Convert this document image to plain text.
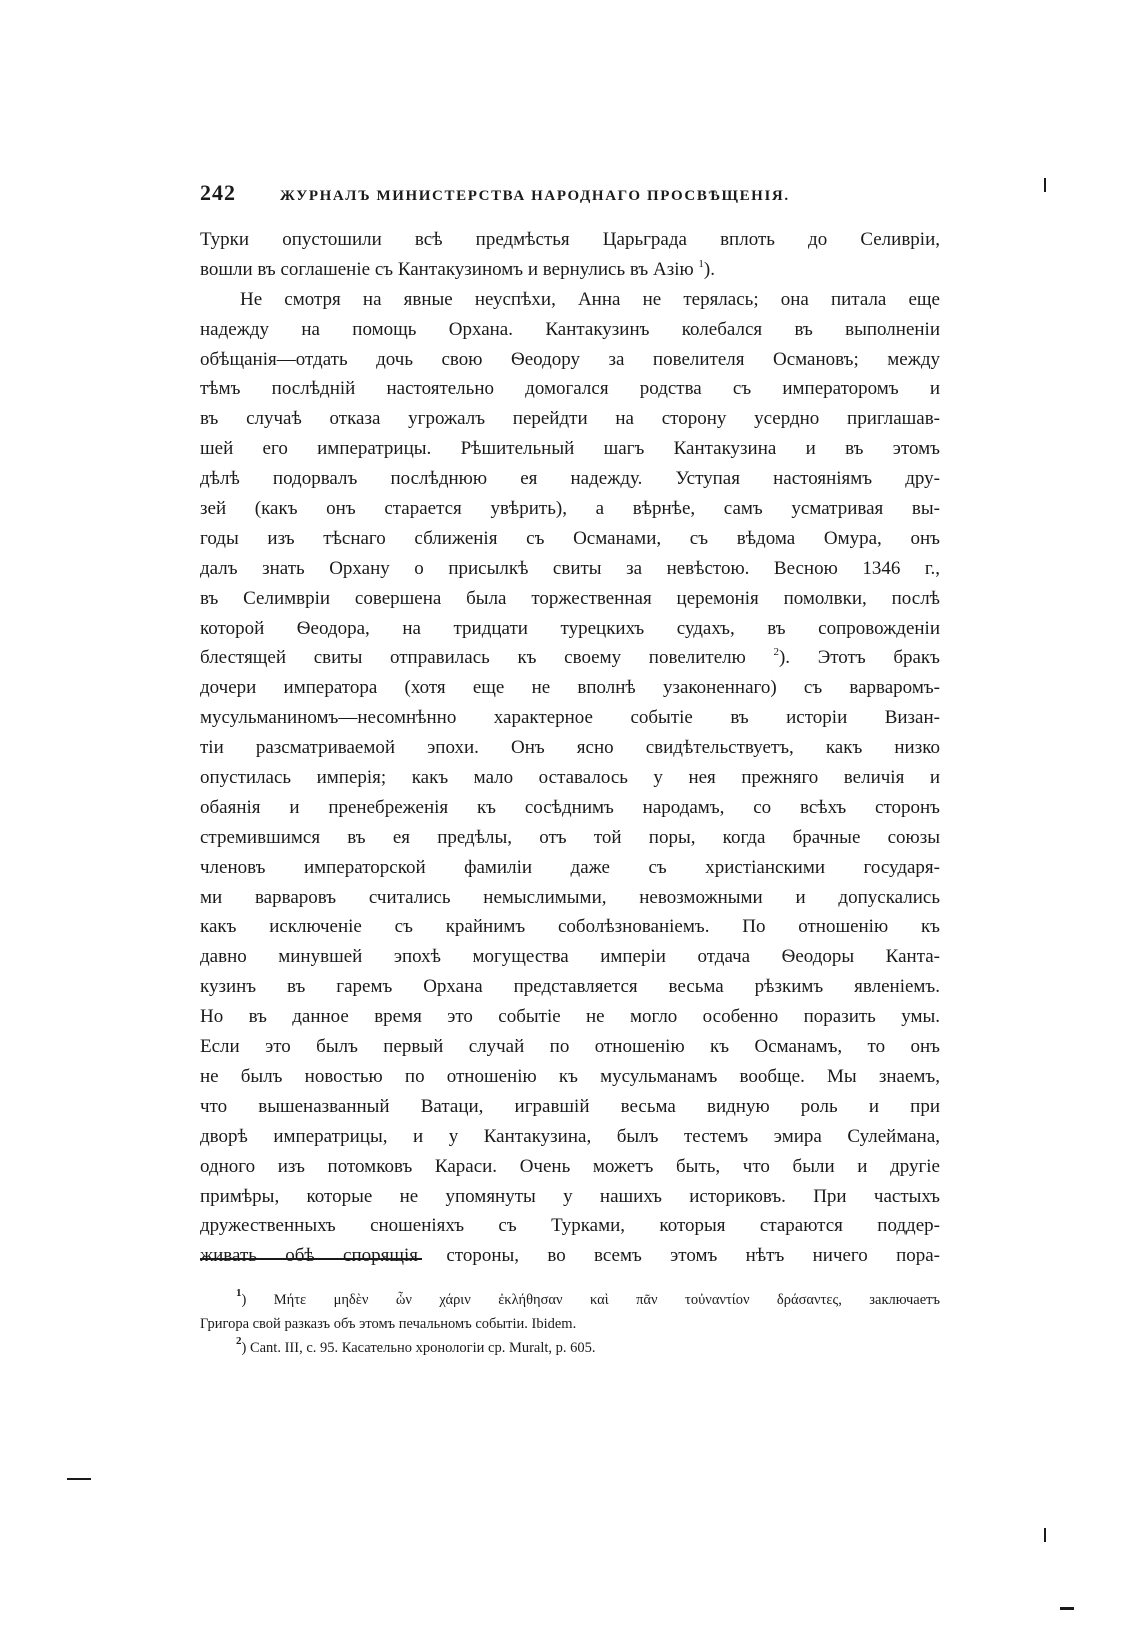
242	ЖУРНАЛЪ МИНИСТЕРСТВА НАРОДНАГО ПРОСВѢЩЕНІЯ.
Турки опустошили всѣ предмѣстья Царьграда вплоть до Селивріи,
вошли въ соглашеніе съ Кантакузиномъ и вернулись въ Азію $^1$).
Не смотря на явные неуспѣхи, Анна не терялась; она питала еще
надежду на помощь Орхана. Кантакузинъ колебался въ выполненіи
обѣщанія—отдать дочь свою Ѳеодору за повелителя Османовъ; между
тѣмъ послѣдній настоятельно домогался родства съ императоромъ и
въ случаѣ отказа угрожалъ перейдти на сторону усердно приглашав-
шей его императрицы. Рѣшительный шагъ Кантакузина и въ этомъ
дѣлѣ подорвалъ послѣднюю ея надежду. Уступая настояніямъ дру-
зей (какъ онъ старается увѣрить), а вѣрнѣе, самъ усматривая вы-
годы изъ тѣснаго сближенія съ Османами, съ вѣдома Омура, онъ
далъ знать Орхану о присылкѣ свиты за невѣстою. Весною 1346 г.,
въ Селимвріи совершена была торжественная церемонія помолвки, послѣ
которой Ѳеодора, на тридцати турецкихъ судахъ, въ сопровожденіи
блестящей свиты отправилась къ своему повелителю	$^2$). Этотъ бракъ
дочери императора (хотя еще не вполнѣ узаконеннаго) съ варваромъ-
мусульманиномъ—несомнѣнно характерное событіе въ исторіи Визан-
тіи разсматриваемой эпохи. Онъ ясно свидѣтельствуетъ, какъ низко
опустилась имперія; какъ мало оставалось у нея прежняго величія и
обаянія и пренебреженія къ сосѣднимъ народамъ, со всѣхъ сторонъ
стремившимся въ ея предѣлы, отъ той поры, когда брачные союзы
членовъ императорской фамиліи даже съ христіанскими государя-
ми варваровъ считались немыслимыми, невозможными и допускались
какъ исключеніе съ крайнимъ соболѣзнованіемъ. По отношенію къ
давно минувшей эпохѣ могущества имперіи отдача Ѳеодоры Канта-
кузинъ въ гаремъ Орхана представляется весьма рѣзкимъ явленіемъ.
Но въ данное время это событіе не могло особенно поразить умы.
Если это былъ первый случай по отношенію къ Османамъ, то онъ
не былъ новостью по отношенію къ мусульманамъ вообще. Мы знаемъ,
что вышеназванный Ватаци, игравшій весьма видную роль и при
дворѣ императрицы, и у Кантакузина, былъ тестемъ эмира Сулеймана,
одного изъ потомковъ Караси. Очень можетъ быть, что были и другіе
примѣры, которые не упомянуты у нашихъ историковъ. При частыхъ
дружественныхъ сношеніяхъ съ Турками, которыя стараются поддер-
живать обѣ спорящія стороны, во всемъ этомъ нѣтъ ничего пора-
$^1$) Μήτε μηδὲν ὧν χάριν ἐκλήθησαν καὶ πᾶν τοὐναντίον δράσαντες, заключаетъ
Григора свой разказъ объ этомъ печальномъ событіи. Ibidem.
$^2$) Cant. III, c. 95. Касательно хронологіи ср. Muralt, p. 605.
